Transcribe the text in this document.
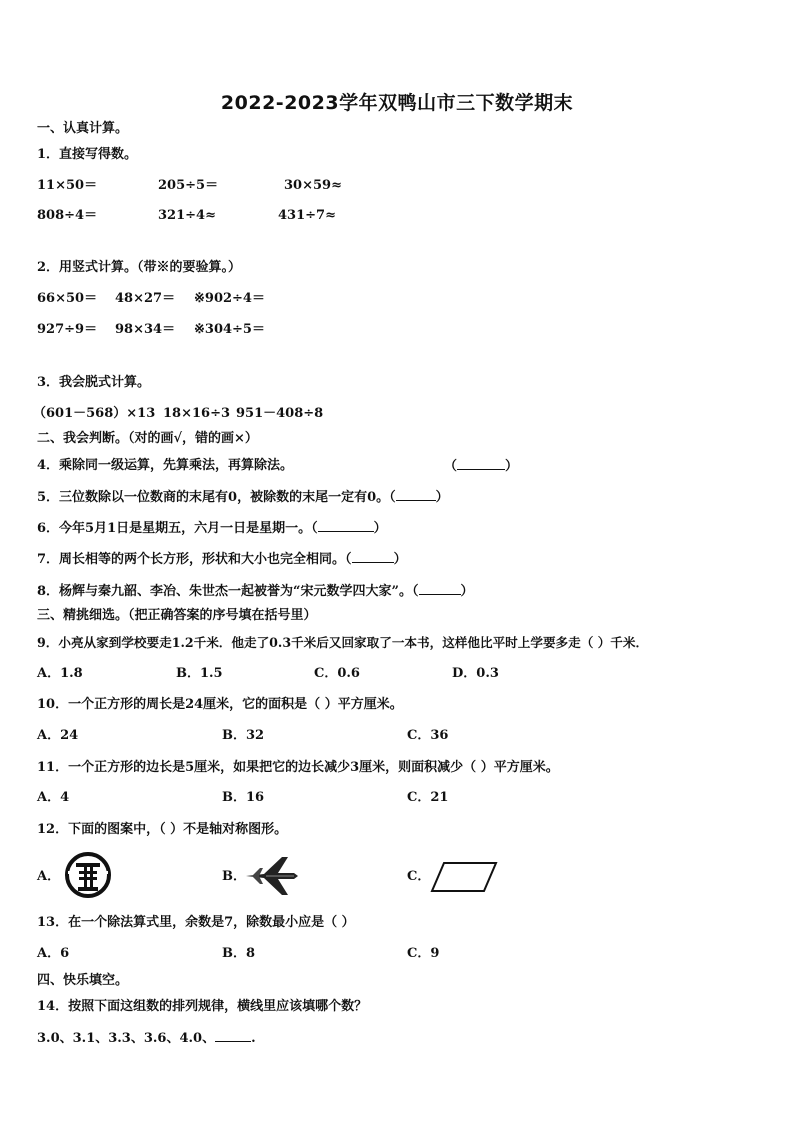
2022-2023学年双鸭山市三下数学期末
一、认真计算。
1．直接写得数。
11×50＝	205÷5＝	30×59≈
808÷4＝	321÷4≈	431÷7≈
2．用竖式计算。（带※的要验算。）
66×50＝ 48×27＝ ※902÷4＝
927÷9＝ 98×34＝ ※304÷5＝
3．我会脱式计算。
（601－568）×13 18×16÷3 951－408÷8
二、我会判断。（对的画√，错的画×）
4．乘除同一级运算，先算乘法，再算除法。	（	）
5．三位数除以一位数商的末尾有0，被除数的末尾一定有0。（	）
6．今年5月1日是星期五，六月一日是星期一。（	）
7．周长相等的两个长方形，形状和大小也完全相同。（	）
8．杨辉与秦九韶、李冶、朱世杰一起被誉为“宋元数学四大家”。（	）
三、精挑细选。（把正确答案的序号填在括号里）
9．小亮从家到学校要走1.2千米．他走了0.3千米后又回家取了一本书，这样他比平时上学要多走（ ）千米．
A．1.8	B．1.5	C．0.6	D．0.3
10．一个正方形的周长是24厘米，它的面积是（ ）平方厘米。
A．24	B．32	C．36
11．一个正方形的边长是5厘米，如果把它的边长减少3厘米，则面积减少（ ）平方厘米。
A．4	B．16	C．21
12．下面的图案中，（ ）不是轴对称图形。
A．	B．	C．
13．在一个除法算式里，余数是7，除数最小应是（ ）
A．6	B．8	C．9
四、快乐填空。
14．按照下面这组数的排列规律，横线里应该填哪个数？
3.0、3.1、3.3、3.6、4.0、	.
